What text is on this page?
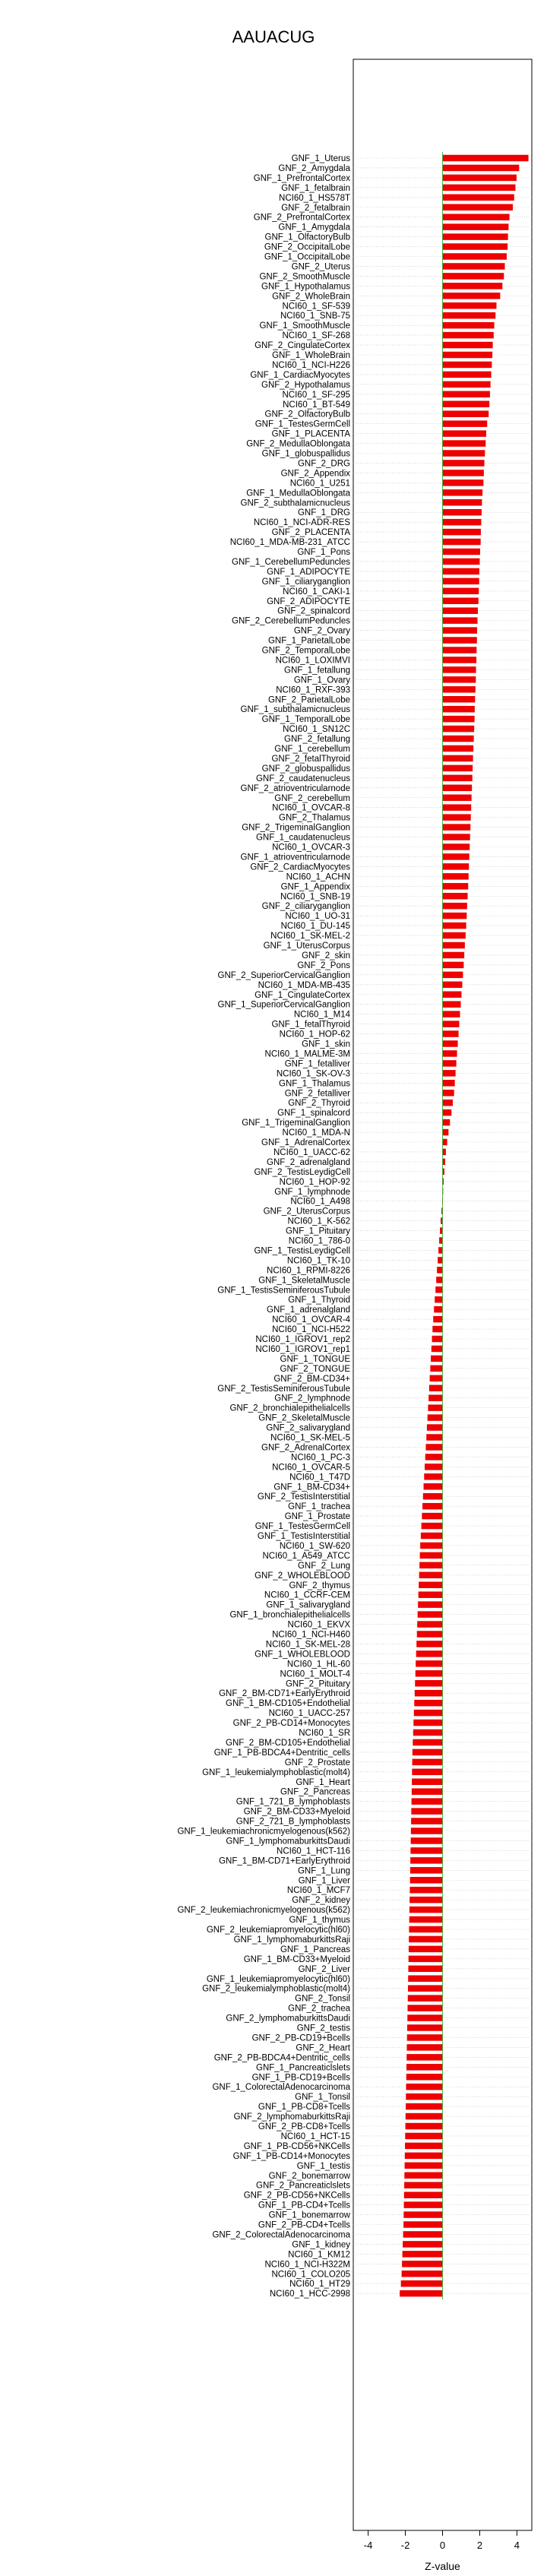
AAUACUG
GNF_1_Uterus
GNF_2_Amygdala
GNF_1_PrefrontalCortex
GNF_1_fetalbrain
NCI60_1_HS578T
GNF_2_fetalbrain
GNF_2_PrefrontalCortex
GNF_1_Amygdala
GNF_1_OlfactoryBulb
GNF_2_OccipitalLobe
GNF_1_OccipitalLobe
GNF_2_Uterus
GNF_2_SmoothMuscle
GNF_1_Hypothalamus
GNF_2_WholeBrain
NCI60_1_SF-539
NCI60_1_SNB-75
GNF_1_SmoothMuscle
NCI60_1_SF-268
GNF_2_CingulateCortex
GNF_1_WholeBrain
NCI60_1_NCI-H226
GNF_1_CardiacMyocytes
GNF_2_Hypothalamus
NCI60_1_SF-295
NCI60_1_BT-549
GNF_2_OlfactoryBulb
GNF_1_TestesGermCell
GNF_1_PLACENTA
GNF_2_MedullaOblongata
GNF_1_globuspallidus
GNF_2_DRG
GNF_2_Appendix
NCI60_1_U251
GNF_1_MedullaOblongata
GNF_2_subthalamicnucleus
GNF_1_DRG
NCI60_1_NCI-ADR-RES
GNF_2_PLACENTA
NCI60_1_MDA-MB-231_ATCC
GNF_1_Pons
GNF_1_CerebellumPeduncles
GNF_1_ADIPOCYTE
GNF_1_ciliaryganglion
NCI60_1_CAKI-1
GNF_2_ADIPOCYTE
GNF_2_spinalcord
GNF_2_CerebellumPeduncles
GNF_2_Ovary
GNF_1_ParietalLobe
GNF_2_TemporalLobe
NCI60_1_LOXIMVI
GNF_1_fetallung
GNF_1_Ovary
NCI60_1_RXF-393
GNF_2_ParietalLobe
GNF_1_subthalamicnucleus
GNF_1_TemporalLobe
NCI60_1_SN12C
GNF_2_fetallung
GNF_1_cerebellum
GNF_2_fetalThyroid
GNF_2_globuspallidus
GNF_2_caudatenucleus
GNF_2_atrioventricularnode
GNF_2_cerebellum
NCI60_1_OVCAR-8
GNF_2_Thalamus
GNF_2_TrigeminalGanglion
GNF_1_caudatenucleus
NCI60_1_OVCAR-3
GNF_1_atrioventricularnode
GNF_2_CardiacMyocytes
NCI60_1_ACHN
GNF_1_Appendix
NCI60_1_SNB-19
GNF_2_ciliaryganglion
NCI60_1_UO-31
NCI60_1_DU-145
NCI60_1_SK-MEL-2
GNF_1_UterusCorpus
GNF_2_skin
GNF_2_Pons
GNF_2_SuperiorCervicalGanglion
NCI60_1_MDA-MB-435
GNF_1_CingulateCortex
GNF_1_SuperiorCervicalGanglion
NCI60_1_M14
GNF_1_fetalThyroid
NCI60_1_HOP-62
GNF_1_skin
NCI60_1_MALME-3M
GNF_1_fetalliver
NCI60_1_SK-OV-3
GNF_1_Thalamus
GNF_2_fetalliver
GNF_2_Thyroid
GNF_1_spinalcord
GNF_1_TrigeminalGanglion
NCI60_1_MDA-N
GNF_1_AdrenalCortex
NCI60_1_UACC-62
GNF_2_adrenalgland
GNF_2_TestisLeydigCell
NCI60_1_HOP-92
GNF_1_lymphnode
NCI60_1_A498
GNF_2_UterusCorpus
NCI60_1_K-562
GNF_1_Pituitary
NCI60_1_786-0
GNF_1_TestisLeydigCell
NCI60_1_TK-10
NCI60_1_RPMI-8226
GNF_1_SkeletalMuscle
GNF_1_TestisSeminiferousTubule
GNF_1_Thyroid
GNF_1_adrenalgland
NCI60_1_OVCAR-4
NCI60_1_NCI-H522
NCI60_1_IGROV1_rep2
NCI60_1_IGROV1_rep1
GNF_1_TONGUE
GNF_2_TONGUE
GNF_2_BM-CD34+
GNF_2_TestisSeminiferousTubule
GNF_2_lymphnode
GNF_2_bronchialepithelialcells
GNF_2_SkeletalMuscle
GNF_2_salivarygland
NCI60_1_SK-MEL-5
GNF_2_AdrenalCortex
NCI60_1_PC-3
NCI60_1_OVCAR-5
NCI60_1_T47D
GNF_1_BM-CD34+
GNF_2_TestisInterstitial
GNF_1_trachea
GNF_1_Prostate
GNF_1_TestesGermCell
GNF_1_TestisInterstitial
NCI60_1_SW-620
NCI60_1_A549_ATCC
GNF_2_Lung
GNF_2_WHOLEBLOOD
GNF_2_thymus
NCI60_1_CCRF-CEM
GNF_1_salivarygland
GNF_1_bronchialepithelialcells
NCI60_1_EKVX
NCI60_1_NCI-H460
NCI60_1_SK-MEL-28
GNF_1_WHOLEBLOOD
NCI60_1_HL-60
NCI60_1_MOLT-4
GNF_2_Pituitary
GNF_2_BM-CD71+EarlyErythroid
GNF_1_BM-CD105+Endothelial
NCI60_1_UACC-257
GNF_2_PB-CD14+Monocytes
NCI60_1_SR
GNF_2_BM-CD105+Endothelial
GNF_1_PB-BDCA4+Dentritic_cells
GNF_2_Prostate
GNF_1_leukemialymphoblastic(molt4)
GNF_1_Heart
GNF_2_Pancreas
GNF_1_721_B_lymphoblasts
GNF_2_BM-CD33+Myeloid
GNF_2_721_B_lymphoblasts
GNF_1_leukemiachronicmyelogenous(k562)
GNF_1_lymphomaburkittsDaudi
NCI60_1_HCT-116
GNF_1_BM-CD71+EarlyErythroid
GNF_1_Lung
GNF_1_Liver
NCI60_1_MCF7
GNF_2_kidney
GNF_2_leukemiachronicmyelogenous(k562)
GNF_1_thymus
GNF_2_leukemiapromyelocytic(hl60)
GNF_1_lymphomaburkittsRaji
GNF_1_Pancreas
GNF_1_BM-CD33+Myeloid
GNF_2_Liver
GNF_1_leukemiapromyelocytic(hl60)
GNF_2_leukemialymphoblastic(molt4)
GNF_2_Tonsil
GNF_2_trachea
GNF_2_lymphomaburkittsDaudi
GNF_2_testis
GNF_2_PB-CD19+Bcells
GNF_2_Heart
GNF_2_PB-BDCA4+Dentritic_cells
GNF_1_Pancreaticlslets
GNF_1_PB-CD19+Bcells
GNF_1_ColorectalAdenocarcinoma
GNF_1_Tonsil
GNF_1_PB-CD8+Tcells
GNF_2_lymphomaburkittsRaji
GNF_2_PB-CD8+Tcells
NCI60_1_HCT-15
GNF_1_PB-CD56+NKCells
GNF_1_PB-CD14+Monocytes
GNF_1_testis
GNF_2_bonemarrow
GNF_2_Pancreaticlslets
GNF_2_PB-CD56+NKCells
GNF_1_PB-CD4+Tcells
GNF_1_bonemarrow
GNF_2_PB-CD4+Tcells
GNF_2_ColorectalAdenocarcinoma
GNF_1_kidney
NCI60_1_KM12
NCI60_1_NCI-H322M
NCI60_1_COLO205
NCI60_1_HT29
NCI60_1_HCC-2998
-4	-2	0	2	4
Z-value
